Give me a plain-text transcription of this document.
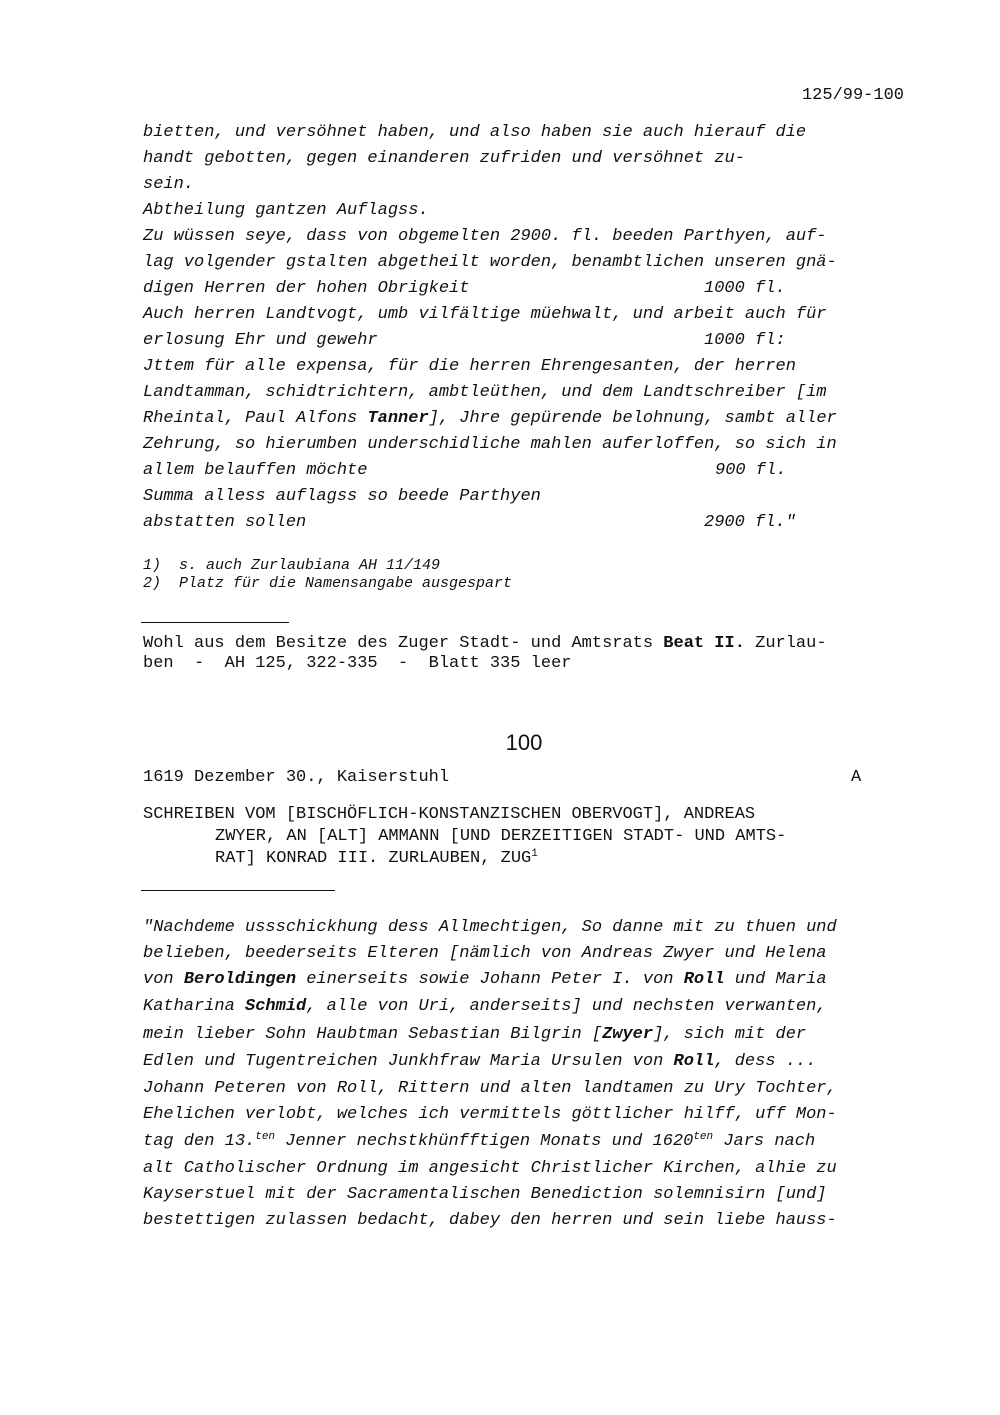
125/99-100
bietten, und versöhnet haben, und also haben sie auch hierauf die
handt gebotten, gegen einanderen zufriden und versöhnet zu-
sein.
Abtheilung gantzen Auflagss.
Zu wüssen seye, dass von obgemelten 2900. fl. beeden Parthyen, auf-
lag volgender gstalten abgetheilt worden, benambtlichen unseren gnä-
digen Herren der hohen Obrigkeit	1000 fl.
Auch herren Landtvogt, umb vilfältige müehwalt, und arbeit auch für
erlosung Ehr und gewehr	1000 fl:
Jttem für alle expensa, für die herren Ehrengesanten, der herren
Landtamman, schidtrichtern, ambtleüthen, und dem Landtschreiber [im
Rheintal, Paul Alfons Tanner], Jhre gepürende belohnung, sambt aller
Zehrung, so hierumben underschidliche mahlen auferloffen, so sich in
allem belauffen möchte	900 fl.
Summa alless auflagss so beede Parthyen
abstatten sollen	2900 fl."
1)  s. auch Zurlaubiana AH 11/149
2)  Platz für die Namensangabe ausgespart
Wohl aus dem Besitze des Zuger Stadt- und Amtsrats Beat II. Zurlau-
ben  -  AH 125, 322-335  -  Blatt 335 leer
100
1619 Dezember 30., Kaiserstuhl	A
SCHREIBEN VOM [BISCHÖFLICH-KONSTANZISCHEN OBERVOGT], ANDREAS
ZWYER, AN [ALT] AMMANN [UND DERZEITIGEN STADT- UND AMTS-
RAT] KONRAD III. ZURLAUBEN, ZUG$^1$
"Nachdeme ussschickhung dess Allmechtigen, So danne mit zu thuen und
belieben, beederseits Elteren [nämlich von Andreas Zwyer und Helena
von Beroldingen einerseits sowie Johann Peter I. von Roll und Maria
Katharina Schmid, alle von Uri, anderseits] und nechsten verwanten,
mein lieber Sohn Haubtman Sebastian Bilgrin [Zwyer], sich mit der
Edlen und Tugentreichen Junkhfraw Maria Ursulen von Roll, dess ...
Johann Peteren von Roll, Rittern und alten landtamen zu Ury Tochter,
Ehelichen verlobt, welches ich vermittels göttlicher hilff, uff Mon-
tag den 13.$^{ten}$ Jenner nechstkhünfftigen Monats und $1620^{ten}$ Jars nach
alt Catholischer Ordnung im angesicht Christlicher Kirchen, alhie zu
Kayserstuel mit der Sacramentalischen Benediction solemnisirn [und]
bestettigen zulassen bedacht, dabey den herren und sein liebe hauss-
